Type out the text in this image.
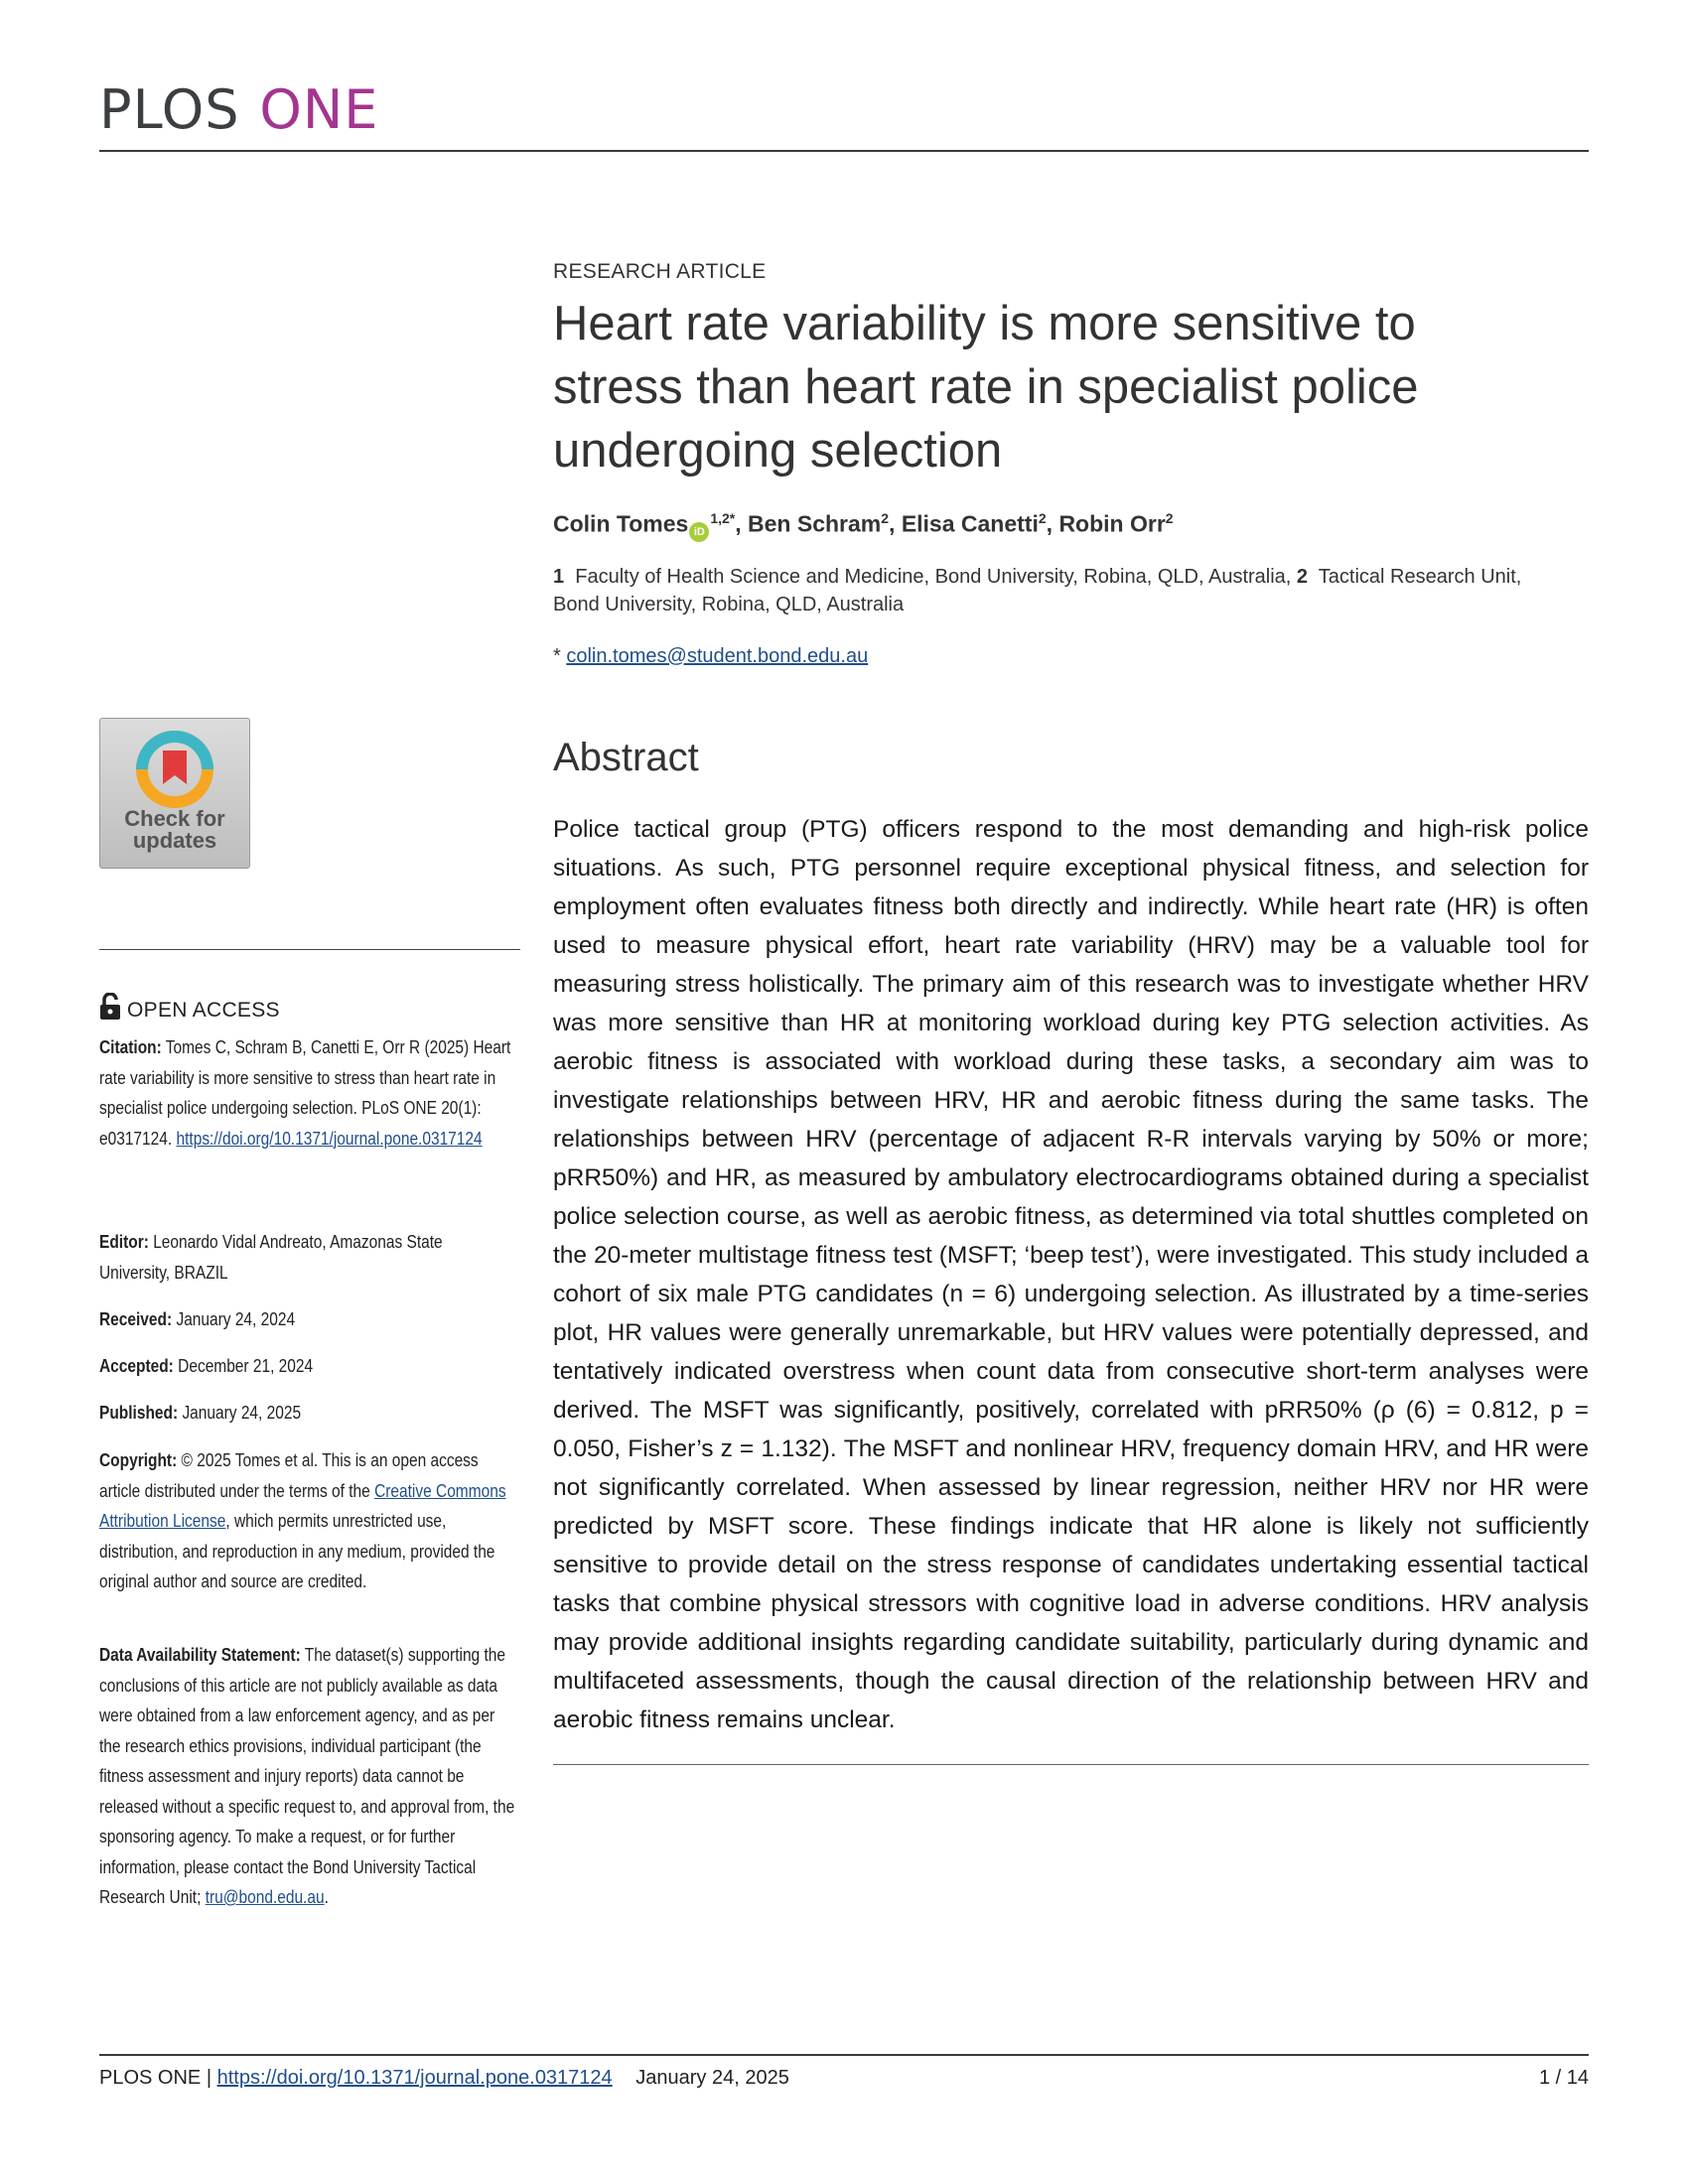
PLOS ONE
RESEARCH ARTICLE
Heart rate variability is more sensitive to stress than heart rate in specialist police undergoing selection
Colin Tomes $iD^{1,2*}$, Ben Schram$^2$, Elisa Canetti$^2$, Robin Orr$^2$
1 Faculty of Health Science and Medicine, Bond University, Robina, QLD, Australia, 2 Tactical Research Unit, Bond University, Robina, QLD, Australia
* colin.tomes@student.bond.edu.au
Abstract

Police tactical group (PTG) officers respond to the most demanding and high-risk police situations. As such, PTG personnel require exceptional physical fitness, and selection for employment often evaluates fitness both directly and indirectly. While heart rate (HR) is often used to measure physical effort, heart rate variability (HRV) may be a valuable tool for measuring stress holistically. The primary aim of this research was to investigate whether HRV was more sensitive than HR at monitoring workload during key PTG selection activities. As aerobic fitness is associated with workload during these tasks, a secondary aim was to investigate relationships between HRV, HR and aerobic fitness during the same tasks. The relationships between HRV (percentage of adjacent R-R intervals varying by 50% or more; pRR50%) and HR, as measured by ambulatory electrocardiograms obtained during a specialist police selection course, as well as aerobic fitness, as determined via total shuttles completed on the 20-meter multistage fitness test (MSFT; ‘beep test’), were investigated. This study included a cohort of six male PTG candidates (n = 6) undergoing selection. As illustrated by a time-series plot, HR values were generally unremarkable, but HRV values were potentially depressed, and tentatively indicated overstress when count data from consecutive short-term analyses were derived. The MSFT was significantly, positively, correlated with pRR50% (ρ (6) = 0.812, p = 0.050, Fisher’s z = 1.132). The MSFT and nonlinear HRV, frequency domain HRV, and HR were not significantly correlated. When assessed by linear regression, neither HRV nor HR were predicted by MSFT score. These findings indicate that HR alone is likely not sufficiently sensitive to provide detail on the stress response of candidates undertaking essential tactical tasks that combine physical stressors with cognitive load in adverse conditions. HRV analysis may provide additional insights regarding candidate suitability, particularly during dynamic and multifaceted assessments, though the causal direction of the relationship between HRV and aerobic fitness remains unclear.

Check for updates
OPEN ACCESS

Citation: Tomes C, Schram B, Canetti E, Orr R (2025) Heart rate variability is more sensitive to stress than heart rate in specialist police undergoing selection. PLoS ONE 20(1): e0317124. https://doi.org/10.1371/journal.pone.0317124

Editor: Leonardo Vidal Andreato, Amazonas State University, BRAZIL

Received: January 24, 2024

Accepted: December 21, 2024

Published: January 24, 2025

Copyright: © 2025 Tomes et al. This is an open access article distributed under the terms of the Creative Commons Attribution License, which permits unrestricted use, distribution, and reproduction in any medium, provided the original author and source are credited.

Data Availability Statement: The dataset(s) supporting the conclusions of this article are not publicly available as data were obtained from a law enforcement agency, and as per the research ethics provisions, individual participant (the fitness assessment and injury reports) data cannot be released without a specific request to, and approval from, the sponsoring agency. To make a request, or for further information, please contact the Bond University Tactical Research Unit; tru@bond.edu.au.

PLOS ONE | https://doi.org/10.1371/journal.pone.0317124 January 24, 2025	1 / 14
